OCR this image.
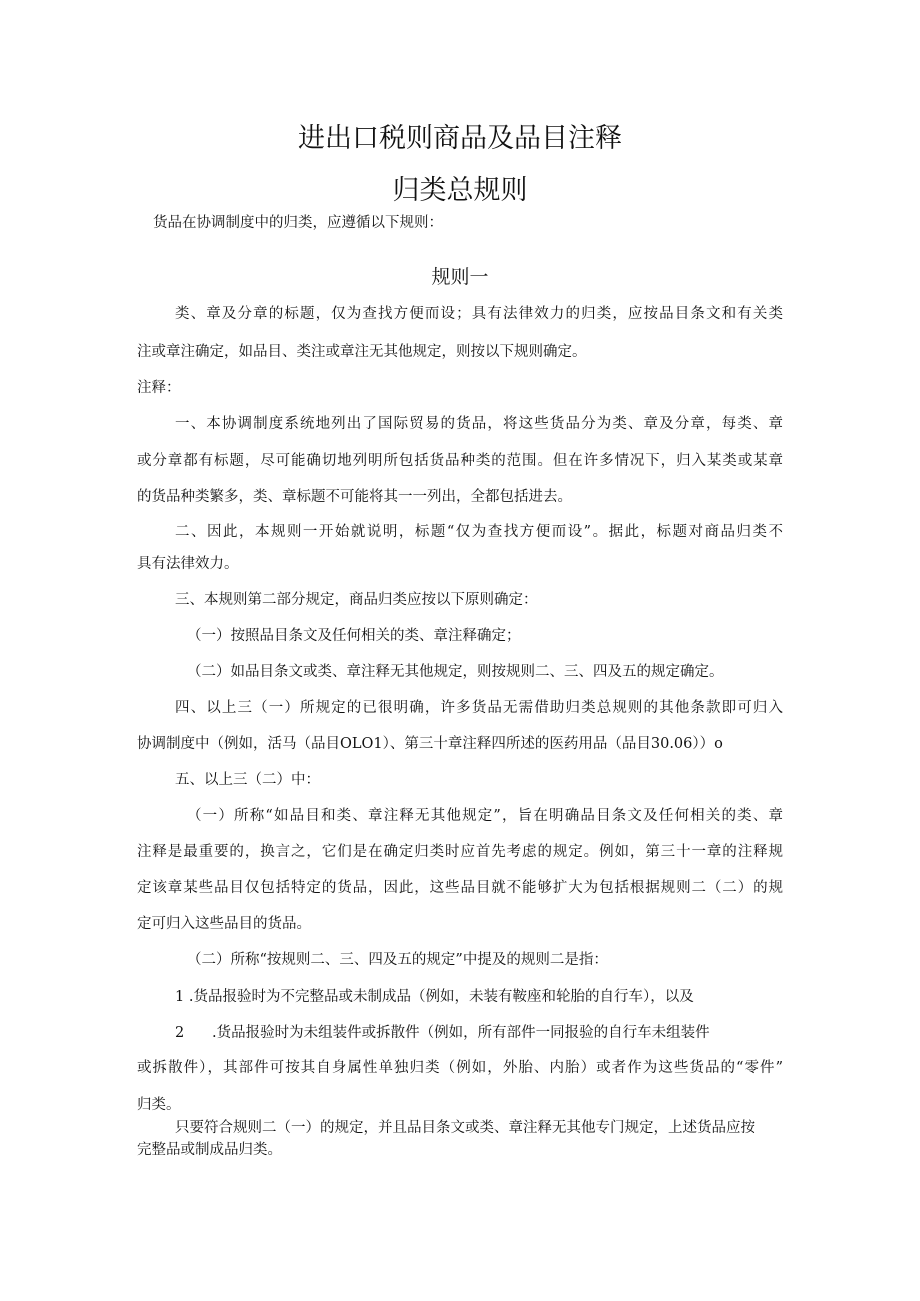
进出口税则商品及品目注释
归类总规则
货品在协调制度中的归类，应遵循以下规则：
规则一
类、章及分章的标题，仅为查找方便而设；具有法律效力的归类，应按品目条文和有关类
注或章注确定，如品目、类注或章注无其他规定，则按以下规则确定。
注释：
一、本协调制度系统地列出了国际贸易的货品，将这些货品分为类、章及分章，每类、章
或分章都有标题，尽可能确切地列明所包括货品种类的范围。但在许多情况下，归入某类或某章
的货品种类繁多，类、章标题不可能将其一一列出，全都包括进去。
二、因此，本规则一开始就说明，标题“仅为查找方便而设”。据此，标题对商品归类不
具有法律效力。
三、本规则第二部分规定，商品归类应按以下原则确定：
（一）按照品目条文及任何相关的类、章注释确定；
（二）如品目条文或类、章注释无其他规定，则按规则二、三、四及五的规定确定。
四、以上三（一）所规定的已很明确，许多货品无需借助归类总规则的其他条款即可归入
协调制度中（例如，活马（品目OLO1）、第三十章注释四所述的医药用品（品目30.06））o
五、以上三（二）中：
（一）所称“如品目和类、章注释无其他规定”，旨在明确品目条文及任何相关的类、章
注释是最重要的，换言之，它们是在确定归类时应首先考虑的规定。例如，第三十一章的注释规
定该章某些品目仅包括特定的货品，因此，这些品目就不能够扩大为包括根据规则二（二）的规
定可归入这些品目的货品。
（二）所称“按规则二、三、四及五的规定”中提及的规则二是指：
1 .货品报验时为不完整品或未制成品（例如，未装有鞍座和轮胎的自行车），以及
2 .货品报验时为未组装件或拆散件（例如，所有部件一同报验的自行车未组装件
或拆散件），其部件可按其自身属性单独归类（例如，外胎、内胎）或者作为这些货品的“零件”
归类。
只要符合规则二（一）的规定，并且品目条文或类、章注释无其他专门规定，上述货品应按
完整品或制成品归类。
